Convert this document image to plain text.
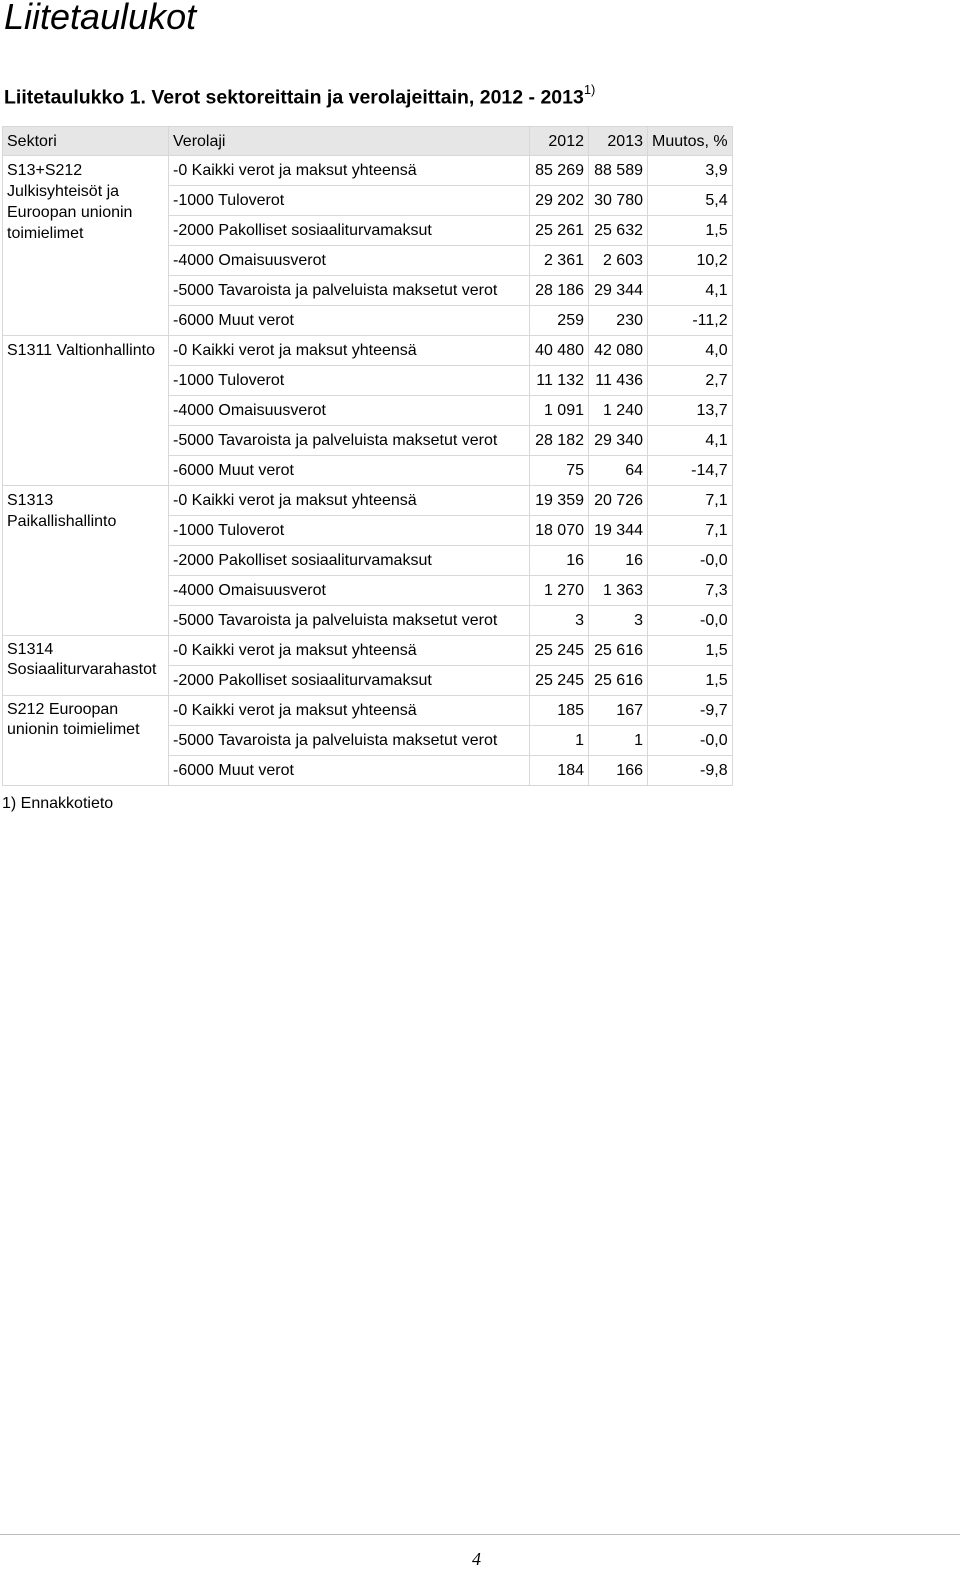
Liitetaulukot
Liitetaulukko 1. Verot sektoreittain ja verolajeittain, 2012 - 2013$^{1)}$
Sektori	Verolaji	2012	2013	Muutos, %
S13+S212 Julkisyhteisöt ja Euroopan unionin toimielimet	-0 Kaikki verot ja maksut yhteensä	85 269	88 589	3,9
	-1000 Tuloverot	29 202	30 780	5,4
	-2000 Pakolliset sosiaaliturvamaksut	25 261	25 632	1,5
	-4000 Omaisuusverot	2 361	2 603	10,2
	-5000 Tavaroista ja palveluista maksetut verot	28 186	29 344	4,1
	-6000 Muut verot	259	230	-11,2
S1311 Valtionhallinto	-0 Kaikki verot ja maksut yhteensä	40 480	42 080	4,0
	-1000 Tuloverot	11 132	11 436	2,7
	-4000 Omaisuusverot	1 091	1 240	13,7
	-5000 Tavaroista ja palveluista maksetut verot	28 182	29 340	4,1
	-6000 Muut verot	75	64	-14,7
S1313 Paikallishallinto	-0 Kaikki verot ja maksut yhteensä	19 359	20 726	7,1
	-1000 Tuloverot	18 070	19 344	7,1
	-2000 Pakolliset sosiaaliturvamaksut	16	16	-0,0
	-4000 Omaisuusverot	1 270	1 363	7,3
	-5000 Tavaroista ja palveluista maksetut verot	3	3	-0,0
S1314 Sosiaaliturvarahastot	-0 Kaikki verot ja maksut yhteensä	25 245	25 616	1,5
	-2000 Pakolliset sosiaaliturvamaksut	25 245	25 616	1,5
S212 Euroopan unionin toimielimet	-0 Kaikki verot ja maksut yhteensä	185	167	-9,7
	-5000 Tavaroista ja palveluista maksetut verot	1	1	-0,0
	-6000 Muut verot	184	166	-9,8
1) Ennakkotieto
4
